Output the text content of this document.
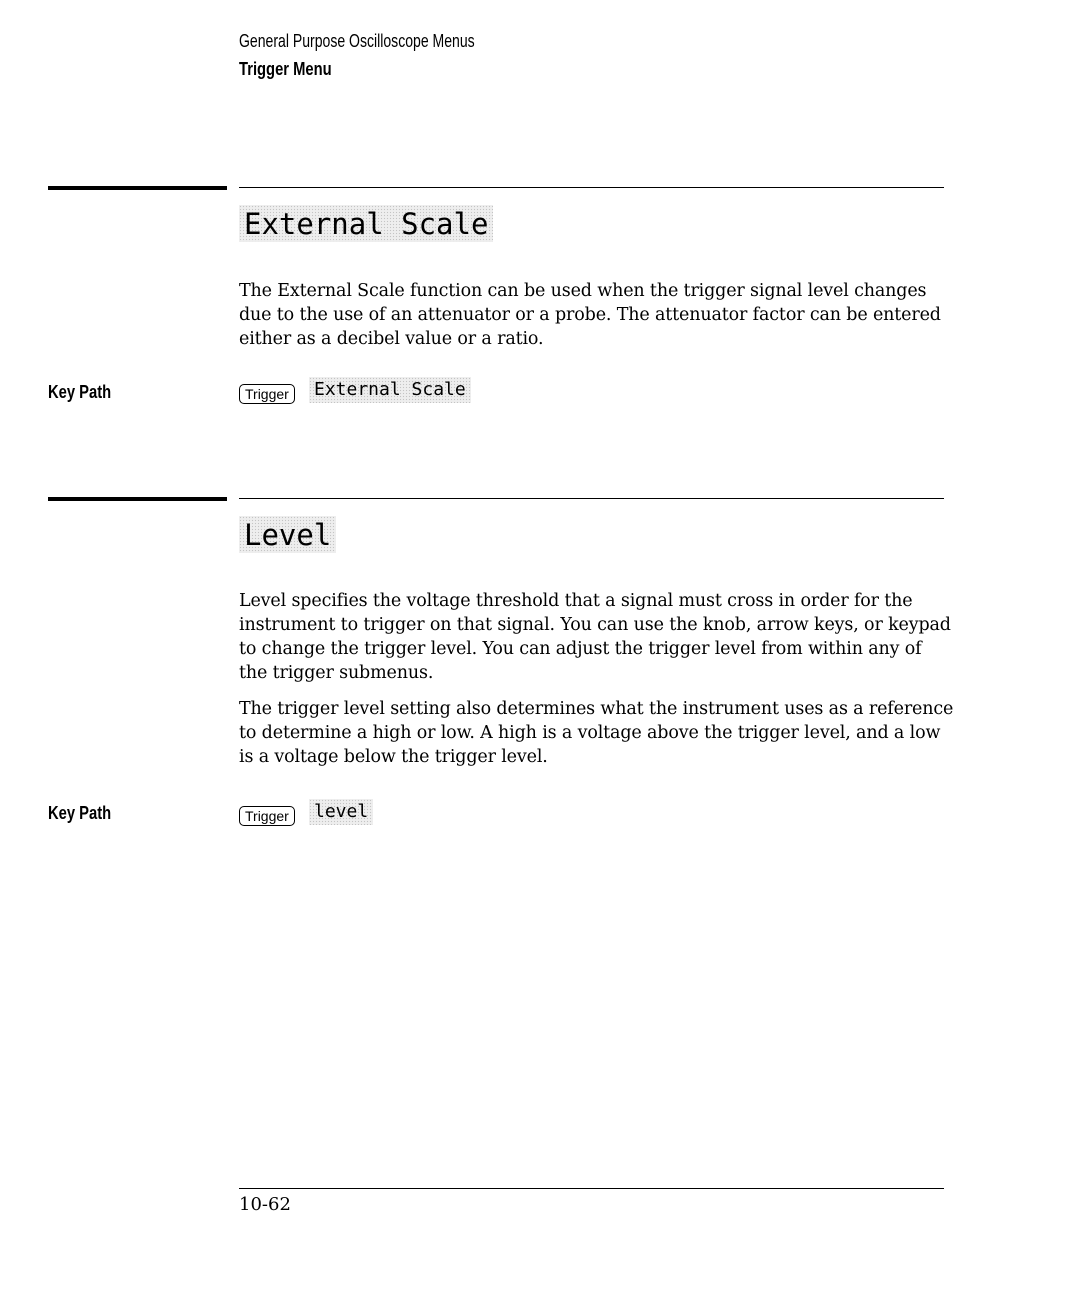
General Purpose Oscilloscope Menus
Trigger Menu
External Scale

The External Scale function can be used when the trigger signal level changes due to the use of an attenuator or a probe. The attenuator factor can be entered either as a decibel value or a ratio.

Key Path	Trigger	External Scale
Level

Level specifies the voltage threshold that a signal must cross in order for the instrument to trigger on that signal. You can use the knob, arrow keys, or keypad to change the trigger level. You can adjust the trigger level from within any of the trigger submenus.

The trigger level setting also determines what the instrument uses as a reference to determine a high or low. A high is a voltage above the trigger level, and a low is a voltage below the trigger level.

Key Path	Trigger	level
10-62
